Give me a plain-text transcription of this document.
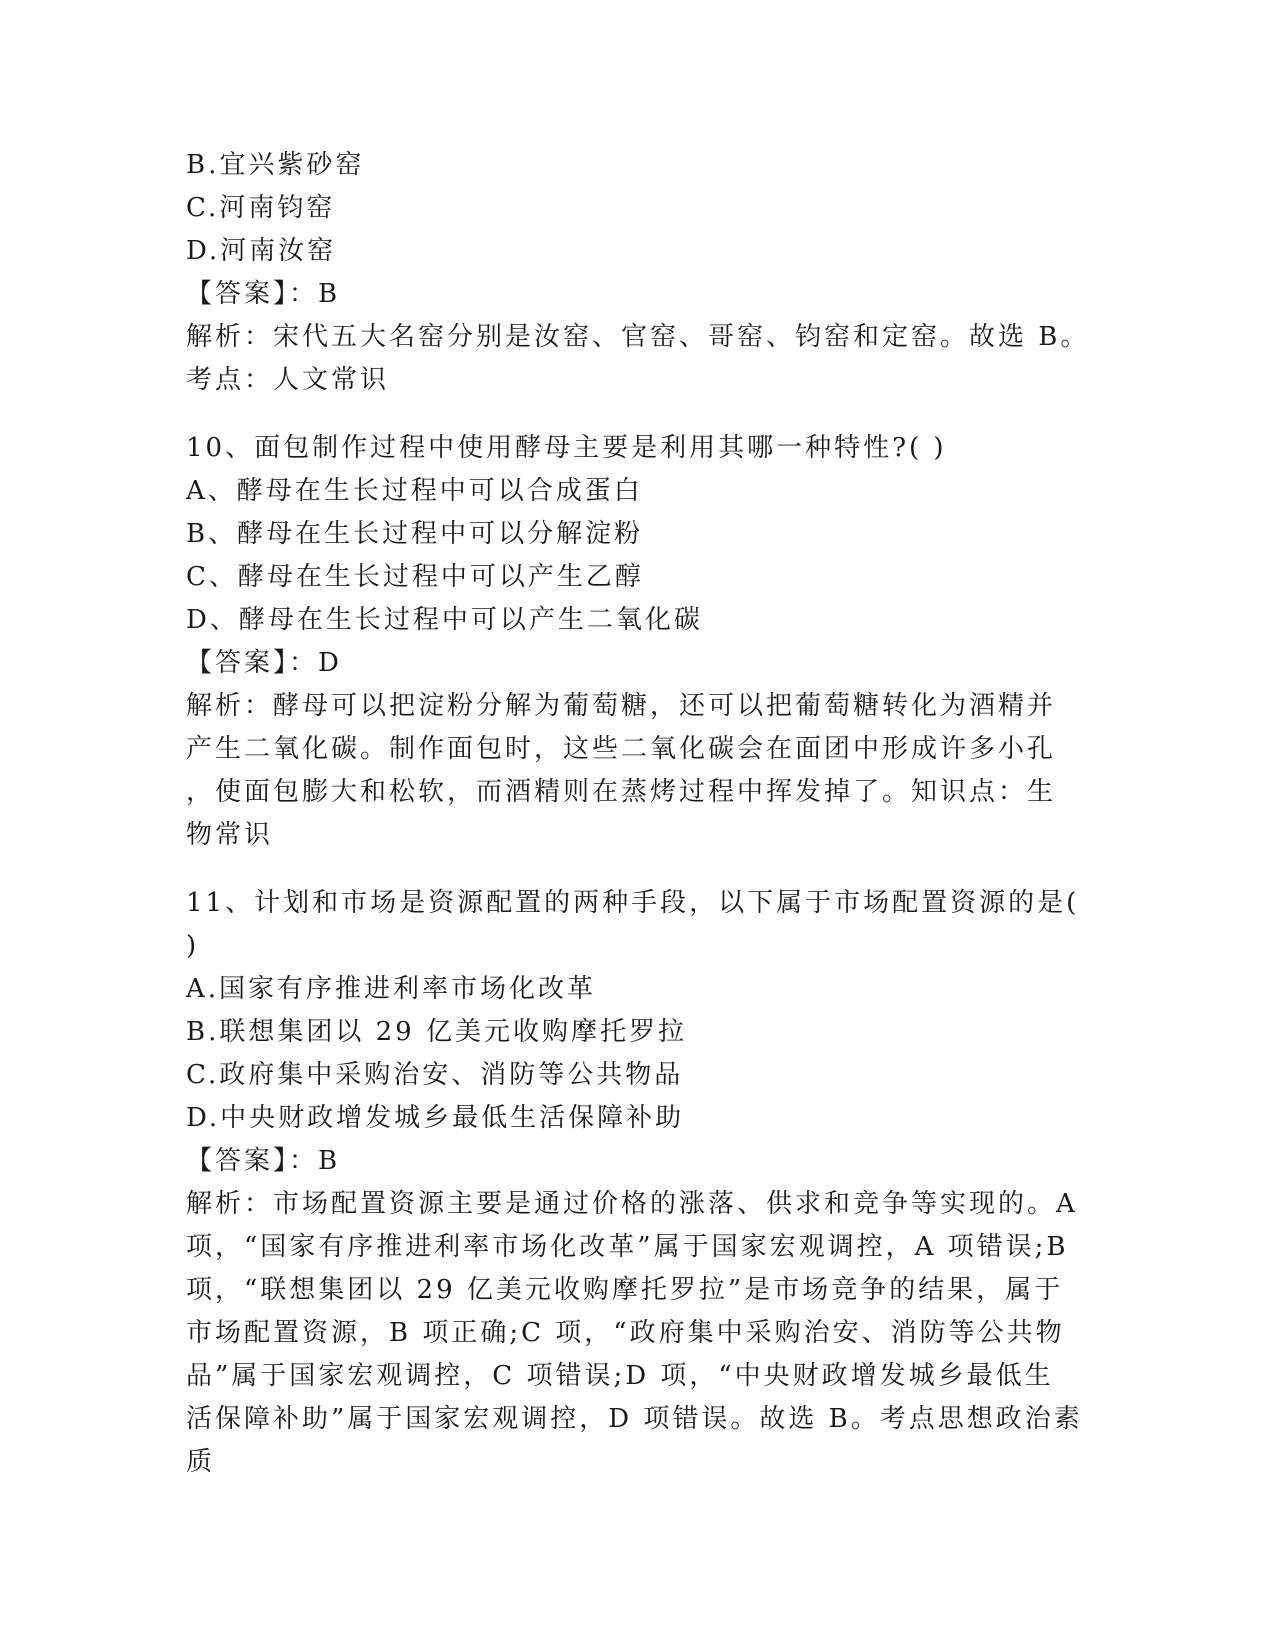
B.宜兴紫砂窑
C.河南钧窑
D.河南汝窑
【答案】：B
解析：宋代五大名窑分别是汝窑、官窑、哥窑、钧窑和定窑。故选 B。
考点：人文常识
10、面包制作过程中使用酵母主要是利用其哪一种特性?( )
A、酵母在生长过程中可以合成蛋白
B、酵母在生长过程中可以分解淀粉
C、酵母在生长过程中可以产生乙醇
D、酵母在生长过程中可以产生二氧化碳
【答案】：D
解析：酵母可以把淀粉分解为葡萄糖，还可以把葡萄糖转化为酒精并
产生二氧化碳。制作面包时，这些二氧化碳会在面团中形成许多小孔
，使面包膨大和松软，而酒精则在蒸烤过程中挥发掉了。知识点：生
物常识
11、计划和市场是资源配置的两种手段，以下属于市场配置资源的是(
)
A.国家有序推进利率市场化改革
B.联想集团以 29 亿美元收购摩托罗拉
C.政府集中采购治安、消防等公共物品
D.中央财政增发城乡最低生活保障补助
【答案】：B
解析：市场配置资源主要是通过价格的涨落、供求和竞争等实现的。A
项，“国家有序推进利率市场化改革”属于国家宏观调控，A 项错误;B
项，“联想集团以 29 亿美元收购摩托罗拉”是市场竞争的结果，属于
市场配置资源，B 项正确;C 项，“政府集中采购治安、消防等公共物
品”属于国家宏观调控，C 项错误;D 项，“中央财政增发城乡最低生
活保障补助”属于国家宏观调控，D 项错误。故选 B。考点思想政治素
质
